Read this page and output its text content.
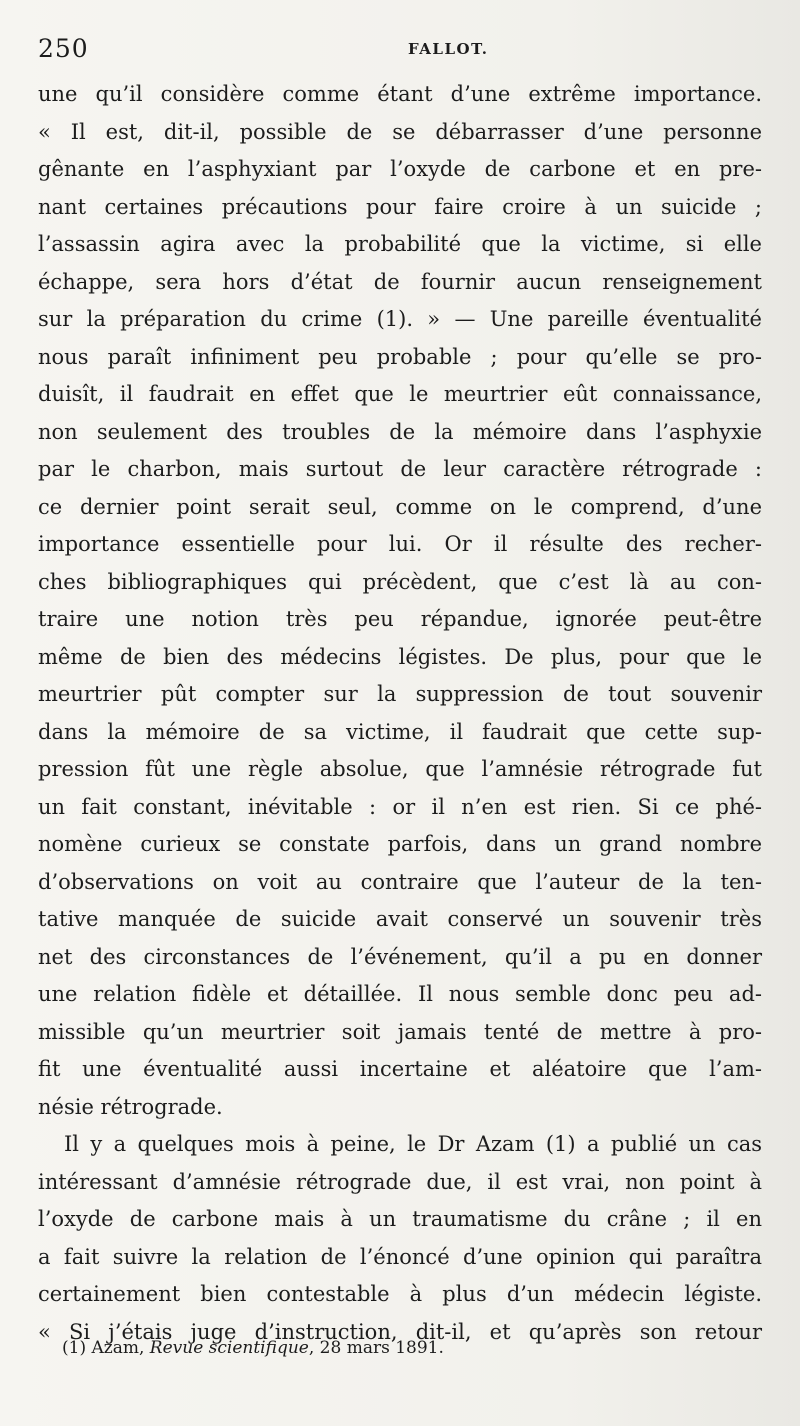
250	FALLOT.
une qu’il considère comme étant d’une extrême importance.
« Il est, dit-il, possible de se débarrasser d’une personne
gênante en l’asphyxiant par l’oxyde de carbone et en pre-
nant certaines précautions pour faire croire à un suicide ;
l’assassin agira avec la probabilité que la victime, si elle
échappe, sera hors d’état de fournir aucun renseignement
sur la préparation du crime (1). » — Une pareille éventualité
nous paraît infiniment peu probable ; pour qu’elle se pro-
duisît, il faudrait en effet que le meurtrier eût connaissance,
non seulement des troubles de la mémoire dans l’asphyxie
par le charbon, mais surtout de leur caractère rétrograde :
ce dernier point serait seul, comme on le comprend, d’une
importance essentielle pour lui. Or il résulte des recher-
ches bibliographiques qui précèdent, que c’est là au con-
traire une notion très peu répandue, ignorée peut-être
même de bien des médecins légistes. De plus, pour que le
meurtrier pût compter sur la suppression de tout souvenir
dans la mémoire de sa victime, il faudrait que cette sup-
pression fût une règle absolue, que l’amnésie rétrograde fut
un fait constant, inévitable : or il n’en est rien. Si ce phé-
nomène curieux se constate parfois, dans un grand nombre
d’observations on voit au contraire que l’auteur de la ten-
tative manquée de suicide avait conservé un souvenir très
net des circonstances de l’événement, qu’il a pu en donner
une relation fidèle et détaillée. Il nous semble donc peu ad-
missible qu’un meurtrier soit jamais tenté de mettre à pro-
fit une éventualité aussi incertaine et aléatoire que l’am-
nésie rétrograde.
Il y a quelques mois à peine, le Dr Azam (1) a publié un cas
intéressant d’amnésie rétrograde due, il est vrai, non point à
l’oxyde de carbone mais à un traumatisme du crâne ; il en
a fait suivre la relation de l’énoncé d’une opinion qui paraîtra
certainement bien contestable à plus d’un médecin légiste.
« Si j’étais juge d’instruction, dit-il, et qu’après son retour
(1) Azam, Revue scientifique, 28 mars 1891.
